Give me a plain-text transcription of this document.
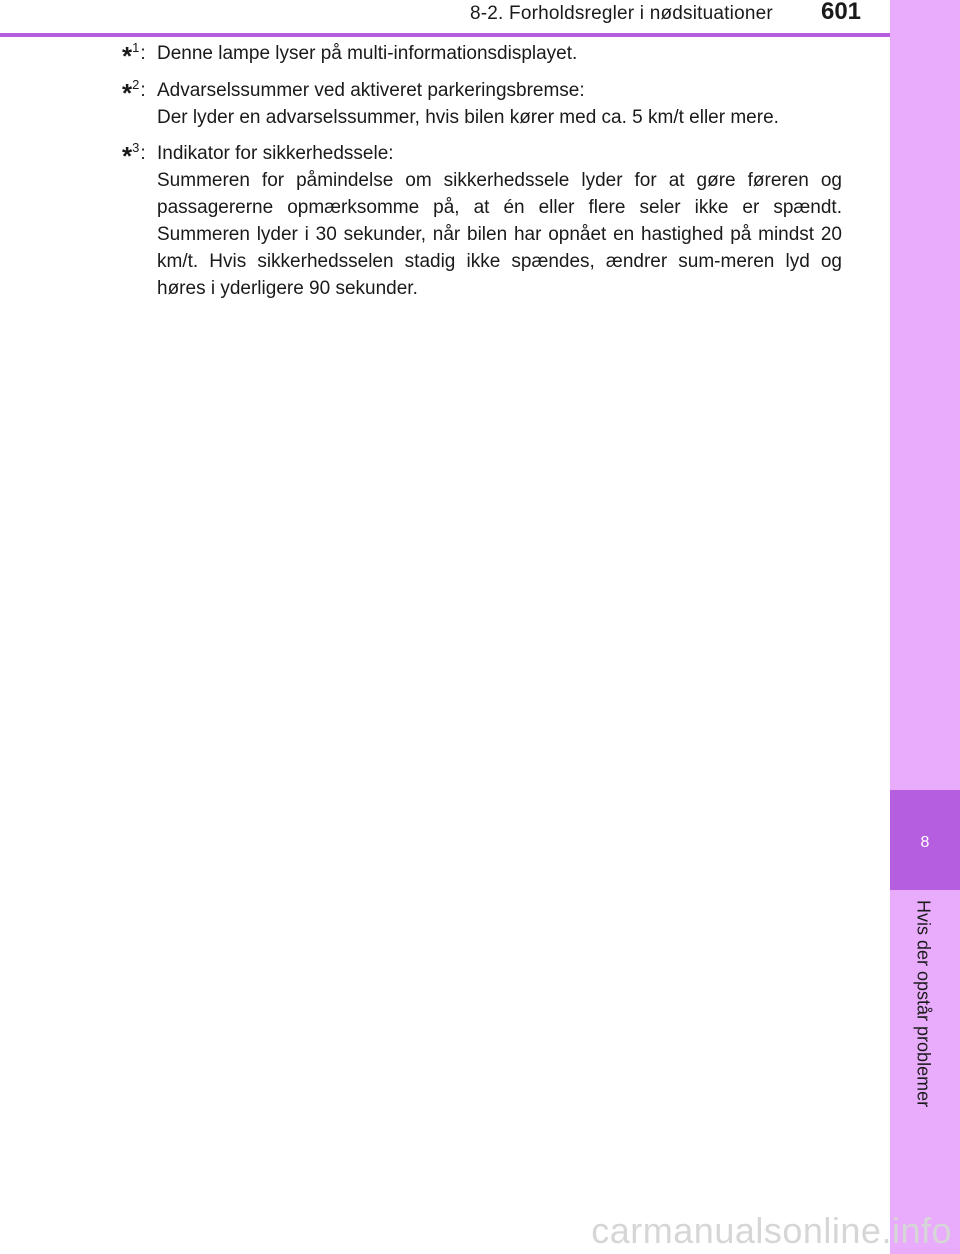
8-2. Forholdsregler i nødsituationer	601
8
Hvis der opstår problemer
*$^1$: Denne lampe lyser på multi-informationsdisplayet.
*$^2$: Advarselssummer ved aktiveret parkeringsbremse:
Der lyder en advarselssummer, hvis bilen kører med ca. 5 km/t eller mere.
*$^3$: Indikator for sikkerhedssele:
Summeren for påmindelse om sikkerhedssele lyder for at gøre føreren og passagererne opmærksomme på, at én eller flere seler ikke er spændt. Summeren lyder i 30 sekunder, når bilen har opnået en hastighed på mindst 20 km/t. Hvis sikkerhedsselen stadig ikke spændes, ændrer sum-meren lyd og høres i yderligere 90 sekunder.
carmanualsonline.info
